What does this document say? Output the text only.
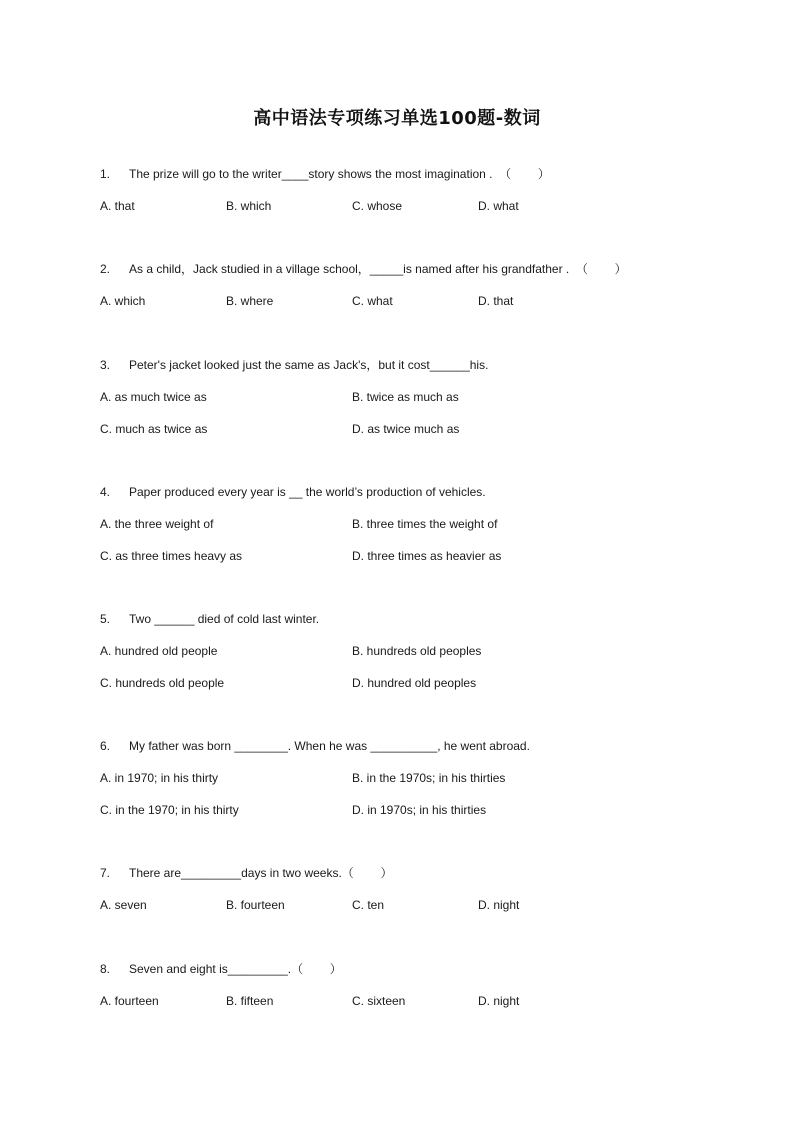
高中语法专项练习单选100题-数词
1. The prize will go to the writer____story shows the most imagination .  （        ）
A. that	B. which	C. whose	D. what
2. As a child，Jack studied in a village school，_____is named after his grandfather .  （        ）
A. which	B. where	C. what	D. that
3. Peter's jacket looked just the same as Jack's，but it cost______his.
A. as much twice as	B. twice as much as
C. much as twice as	D. as twice much as
4. Paper produced every year is __ the world’s production of vehicles.
A. the three weight of	B. three times the weight of
C. as three times heavy as	D. three times as heavier as
5. Two ______ died of cold last winter.
A. hundred old people	B. hundreds old peoples
C. hundreds old people	D. hundred old peoples
6. My father was born ________. When he was __________, he went abroad.
A. in 1970; in his thirty	B. in the 1970s; in his thirties
C. in the 1970; in his thirty	D. in 1970s; in his thirties
7. There are_________days in two weeks.（        ）
A. seven	B. fourteen	C. ten	D. night
8. Seven and eight is_________.（        ）
A. fourteen	B. fifteen	C. sixteen	D. night
